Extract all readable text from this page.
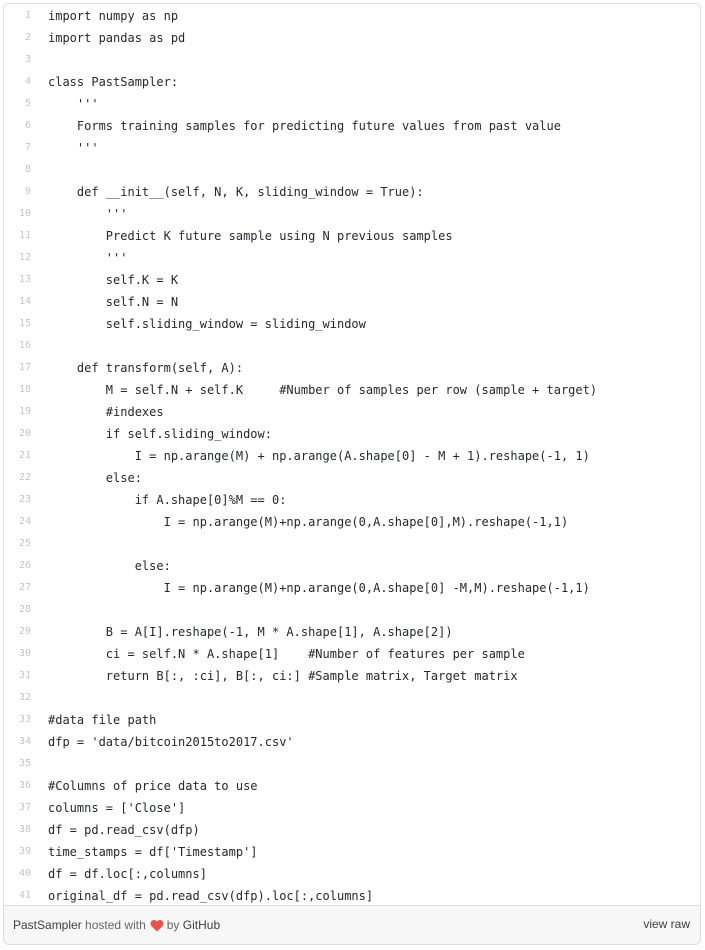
1	import numpy as np
2	import pandas as pd
3
4	class PastSampler:
5	'''
6	Forms training samples for predicting future values from past value
7	'''
8
9	def __init__(self, N, K, sliding_window = True):
10	'''
11	Predict K future sample using N previous samples
12	'''
13	self.K = K
14	self.N = N
15	self.sliding_window = sliding_window
16
17	def transform(self, A):
18	M = self.N + self.K     #Number of samples per row (sample + target)
19	#indexes
20	if self.sliding_window:
21	I = np.arange(M) + np.arange(A.shape[0] - M + 1).reshape(-1, 1)
22	else:
23	if A.shape[0]%M == 0:
24	I = np.arange(M)+np.arange(0,A.shape[0],M).reshape(-1,1)
25
26	else:
27	I = np.arange(M)+np.arange(0,A.shape[0] -M,M).reshape(-1,1)
28
29	B = A[I].reshape(-1, M * A.shape[1], A.shape[2])
30	ci = self.N * A.shape[1]    #Number of features per sample
31	return B[:, :ci], B[:, ci:] #Sample matrix, Target matrix
32
33	#data file path
34	dfp = 'data/bitcoin2015to2017.csv'
35
36	#Columns of price data to use
37	columns = ['Close']
38	df = pd.read_csv(dfp)
39	time_stamps = df['Timestamp']
40	df = df.loc[:,columns]
41	original_df = pd.read_csv(dfp).loc[:,columns]
PastSampler
hosted with by
GitHub	view raw
